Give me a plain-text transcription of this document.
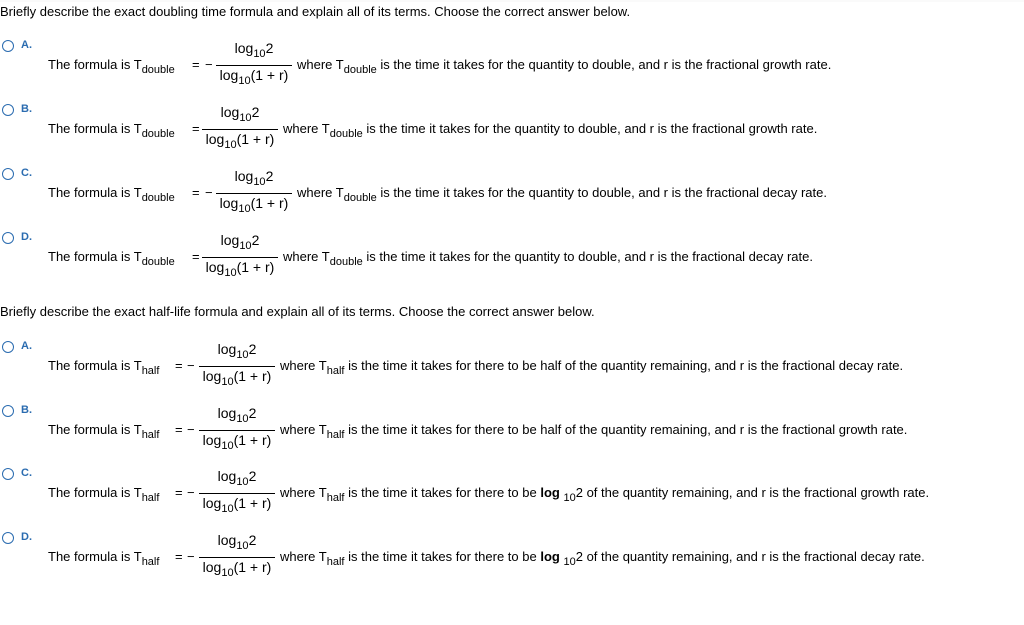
Briefly describe the exact doubling time formula and explain all of its terms. Choose the correct answer below.
A.
The formula is $T_{double}$ = −
$\log_{10}2$
$\log_{10}(1 + r)$
where $T_{double}$ is the time it takes for the quantity to double, and r is the fractional growth rate.
B.
The formula is $T_{double}$ =
$\log_{10}2$
$\log_{10}(1 + r)$
where $T_{double}$ is the time it takes for the quantity to double, and r is the fractional growth rate.
C.
The formula is $T_{double}$ = −
$\log_{10}2$
$\log_{10}(1 + r)$
where $T_{double}$ is the time it takes for the quantity to double, and r is the fractional decay rate.
D.
The formula is $T_{double}$ =
$\log_{10}2$
$\log_{10}(1 + r)$
where $T_{double}$ is the time it takes for the quantity to double, and r is the fractional decay rate.
Briefly describe the exact half-life formula and explain all of its terms. Choose the correct answer below.
A.
The formula is $T_{half}$ = −
$\log_{10}2$
$\log_{10}(1 + r)$
where $T_{half}$ is the time it takes for there to be half of the quantity remaining, and r is the fractional decay rate.
B.
The formula is $T_{half}$ = −
$\log_{10}2$
$\log_{10}(1 + r)$
where $T_{half}$ is the time it takes for there to be half of the quantity remaining, and r is the fractional growth rate.
C.
The formula is $T_{half}$ = −
$\log_{10}2$
$\log_{10}(1 + r)$
where $T_{half}$ is the time it takes for there to be log $_{10}$2 of the quantity remaining, and r is the fractional growth rate.
D.
The formula is $T_{half}$ = −
$\log_{10}2$
$\log_{10}(1 + r)$
where $T_{half}$ is the time it takes for there to be log $_{10}$2 of the quantity remaining, and r is the fractional decay rate.
